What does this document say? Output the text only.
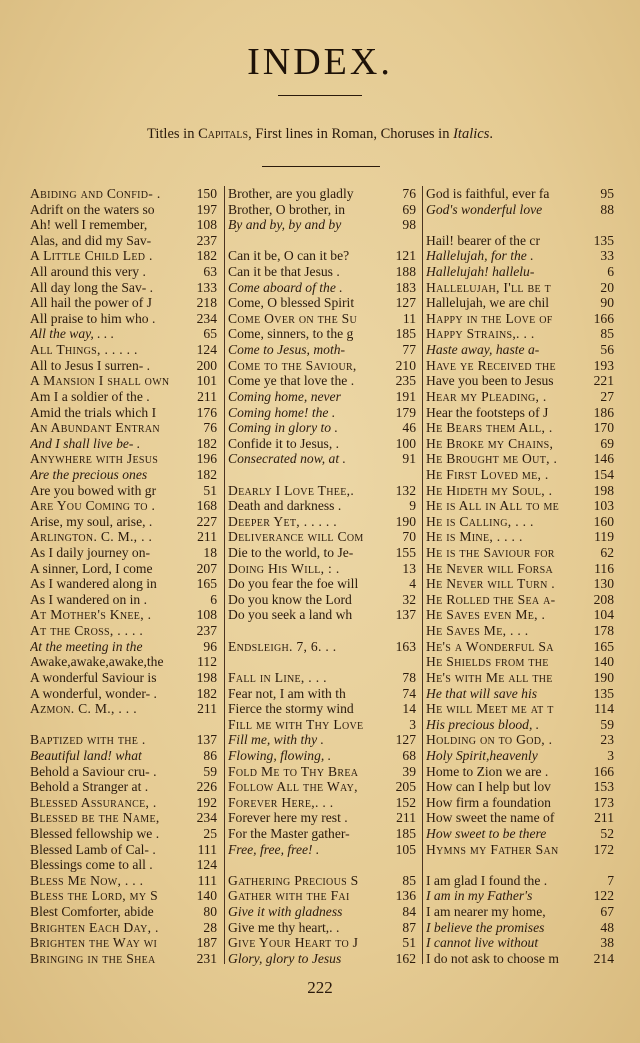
INDEX.
Titles in Capitals, First lines in Roman, Choruses in Italics.
Abiding and Confid- .	150
Adrift on the waters so	197
Ah! well I remember,	108
Alas, and did my Sav-	237
A Little Child Led .	182
All around this very .	63
All day long the Sav- .	133
All hail the power of J	218
All praise to him who .	234
All the way, . . .	65
All Things, . . . . .	124
All to Jesus I surren- .	200
A Mansion I shall own	101
Am I a soldier of the .	211
Amid the trials which I	176
An Abundant Entran	76
And I shall live be- .	182
Anywhere with Jesus	196
Are the precious ones	182
Are you bowed with gr	51
Are You Coming to .	168
Arise, my soul, arise, .	227
Arlington. C. M., . .	211
As I daily journey on-	18
A sinner, Lord, I come	207
As I wandered along in	165
As I wandered on in .	6
At Mother's Knee, .	108
At the Cross, . . . .	237
At the meeting in the	96
Awake,awake,awake,the	112
A wonderful Saviour is	198
A wonderful, wonder- .	182
Azmon. C. M., . . .	211
Baptized with the .	137
Beautiful land! what	86
Behold a Saviour cru- .	59
Behold a Stranger at .	226
Blessed Assurance, .	192
Blessed be the Name,	234
Blessed fellowship we .	25
Blessed Lamb of Cal- .	111
Blessings come to all .	124
Bless Me Now, . . .	111
Bless the Lord, my S	140
Blest Comforter, abide	80
Brighten Each Day, .	28
Brighten the Way wi	187
Bringing in the Shea	231
Brother, are you gladly	76
Brother, O brother, in	69
By and by, by and by	98
Can it be, O can it be?	121
Can it be that Jesus .	188
Come aboard of the .	183
Come, O blessed Spirit	127
Come Over on the Su	11
Come, sinners, to the g	185
Come to Jesus, moth-	77
Come to the Saviour,	210
Come ye that love the .	235
Coming home, never	191
Coming home! the .	179
Coming in glory to .	46
Confide it to Jesus, .	100
Consecrated now, at .	91
Dearly I Love Thee,.	132
Death and darkness .	9
Deeper Yet, . . . . .	190
Deliverance will Com	70
Die to the world, to Je-	155
Doing His Will, : .	13
Do you fear the foe will	4
Do you know the Lord	32
Do you seek a land wh	137
Endsleigh. 7, 6. . .	163
Fall in Line, . . .	78
Fear not, I am with th	74
Fierce the stormy wind	14
Fill me with Thy Love	3
Fill me, with thy .	127
Flowing, flowing, .	68
Fold Me to Thy Brea	39
Follow All the Way,	205
Forever Here,. . .	152
Forever here my rest .	211
For the Master gather-	185
Free, free, free! .	105
Gathering Precious S	85
Gather with the Fai	136
Give it with gladness	84
Give me thy heart,. .	87
Give Your Heart to J	51
Glory, glory to Jesus	162
God is faithful, ever fa	95
God's wonderful love	88
Hail! bearer of the cr	135
Hallelujah, for the .	33
Hallelujah! hallelu-	6
Hallelujah, I'll be t	20
Hallelujah, we are chil	90
Happy in the Love of	166
Happy Strains,. . .	85
Haste away, haste a-	56
Have ye Received the	193
Have you been to Jesus	221
Hear my Pleading, .	27
Hear the footsteps of J	186
He Bears them All, .	170
He Broke my Chains,	69
He Brought me Out, .	146
He First Loved me, .	154
He Hideth my Soul, .	198
He is All in All to me	103
He is Calling, . . .	160
He is Mine, . . . .	119
He is the Saviour for	62
He Never will Forsa	116
He Never will Turn .	130
He Rolled the Sea a-	208
He Saves even Me, .	104
He Saves Me, . . .	178
He's a Wonderful Sa	165
He Shields from the	140
He's with Me all the	190
He that will save his	135
He will Meet me at t	114
His precious blood, .	59
Holding on to God, .	23
Holy Spirit,heavenly	3
Home to Zion we are .	166
How can I help but lov	153
How firm a foundation	173
How sweet the name of	211
How sweet to be there	52
Hymns my Father San	172
I am glad I found the .	7
I am in my Father's	122
I am nearer my home,	67
I believe the promises	48
I cannot live without	38
I do not ask to choose m	214
222
